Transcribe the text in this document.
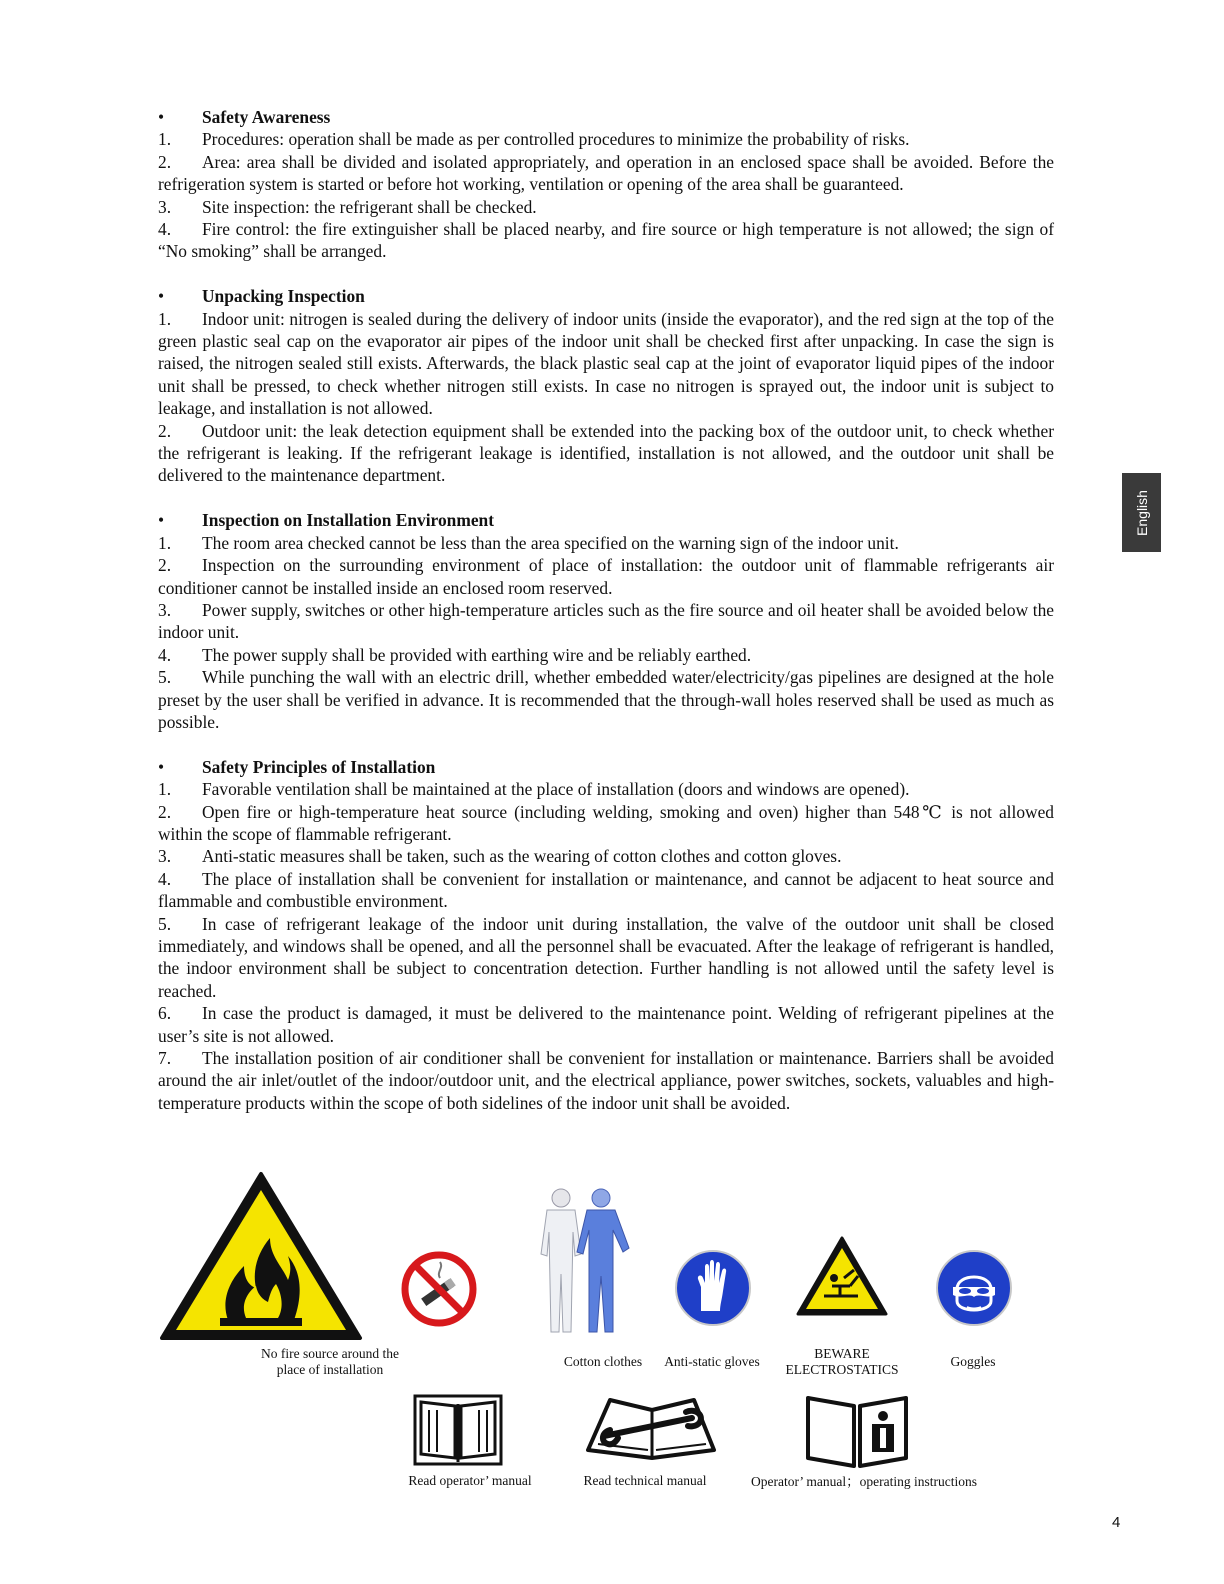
•	Safety Awareness
1. Procedures: operation shall be made as per controlled procedures to minimize the probability of risks.
2. Area: area shall be divided and isolated appropriately, and operation in an enclosed space shall be avoided. Before the refrigeration system is started or before hot working, ventilation or opening of the area shall be guaranteed.
3. Site inspection: the refrigerant shall be checked.
4. Fire control: the fire extinguisher shall be placed nearby, and fire source or high temperature is not allowed; the sign of “No smoking” shall be arranged.
•	Unpacking Inspection
1. Indoor unit: nitrogen is sealed during the delivery of indoor units (inside the evaporator), and the red sign at the top of the green plastic seal cap on the evaporator air pipes of the indoor unit shall be checked first after unpacking. In case the sign is raised, the nitrogen sealed still exists. Afterwards, the black plastic seal cap at the joint of evaporator liquid pipes of the indoor unit shall be pressed, to check whether nitrogen still exists. In case no nitrogen is sprayed out, the indoor unit is subject to leakage, and installation is not allowed.
2. Outdoor unit: the leak detection equipment shall be extended into the packing box of the outdoor unit, to check whether the refrigerant is leaking. If the refrigerant leakage is identified, installation is not allowed, and the outdoor unit shall be delivered to the maintenance department.
•	Inspection on Installation Environment
1. The room area checked cannot be less than the area specified on the warning sign of the indoor unit.
2. Inspection on the surrounding environment of place of installation: the outdoor unit of flammable refrigerants air conditioner cannot be installed inside an enclosed room reserved.
3. Power supply, switches or other high-temperature articles such as the fire source and oil heater shall be avoided below the indoor unit.
4. The power supply shall be provided with earthing wire and be reliably earthed.
5. While punching the wall with an electric drill, whether embedded water/electricity/gas pipelines are designed at the hole preset by the user shall be verified in advance. It is recommended that the through-wall holes reserved shall be used as much as possible.
•	Safety Principles of Installation
1. Favorable ventilation shall be maintained at the place of installation (doors and windows are opened).
2. Open fire or high-temperature heat source (including welding, smoking and oven) higher than 548℃ is not allowed within the scope of flammable refrigerant.
3. Anti-static measures shall be taken, such as the wearing of cotton clothes and cotton gloves.
4. The place of installation shall be convenient for installation or maintenance, and cannot be adjacent to heat source and flammable and combustible environment.
5. In case of refrigerant leakage of the indoor unit during installation, the valve of the outdoor unit shall be closed immediately, and windows shall be opened, and all the personnel shall be evacuated. After the leakage of refrigerant is handled, the indoor environment shall be subject to concentration detection. Further handling is not allowed until the safety level is reached.
6. In case the product is damaged, it must be delivered to the maintenance point. Welding of refrigerant pipelines at the user’s site is not allowed.
7. The installation position of air conditioner shall be convenient for installation or maintenance. Barriers shall be avoided around the air inlet/outlet of the indoor/outdoor unit, and the electrical appliance, power switches, sockets, valuables and high-temperature products within the scope of both sidelines of the indoor unit shall be avoided.
English
4
No fire source around the
place of installation
Cotton clothes	Anti-static gloves
BEWARE
ELECTROSTATICS
Goggles
Read operator’ manual	Read technical manual	Operator’ manual；operating instructions
